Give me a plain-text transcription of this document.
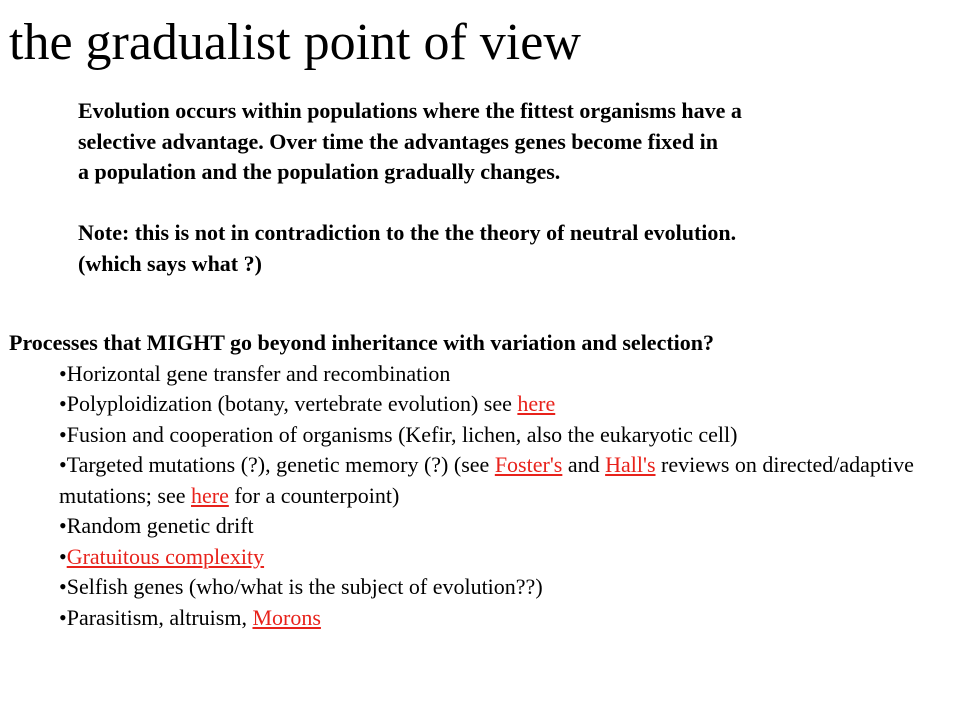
the gradualist point of view

Evolution occurs within populations where the fittest organisms have a

selective advantage. Over time the advantages genes become fixed in

a population and the population gradually changes.

Note: this is not in contradiction to the the theory of neutral evolution.

(which says what ?)

Processes that MIGHT go beyond inheritance with variation and selection?

•Horizontal gene transfer and recombination
•Polyploidization (botany, vertebrate evolution) see here
•Fusion and cooperation of organisms (Kefir, lichen, also the eukaryotic cell)
•Targeted mutations (?), genetic memory (?) (see Foster's and Hall's reviews on directed/adaptive mutations; see here for a counterpoint)
•Random genetic drift
•Gratuitous complexity
•Selfish genes (who/what is the subject of evolution??)
•Parasitism, altruism, Morons
